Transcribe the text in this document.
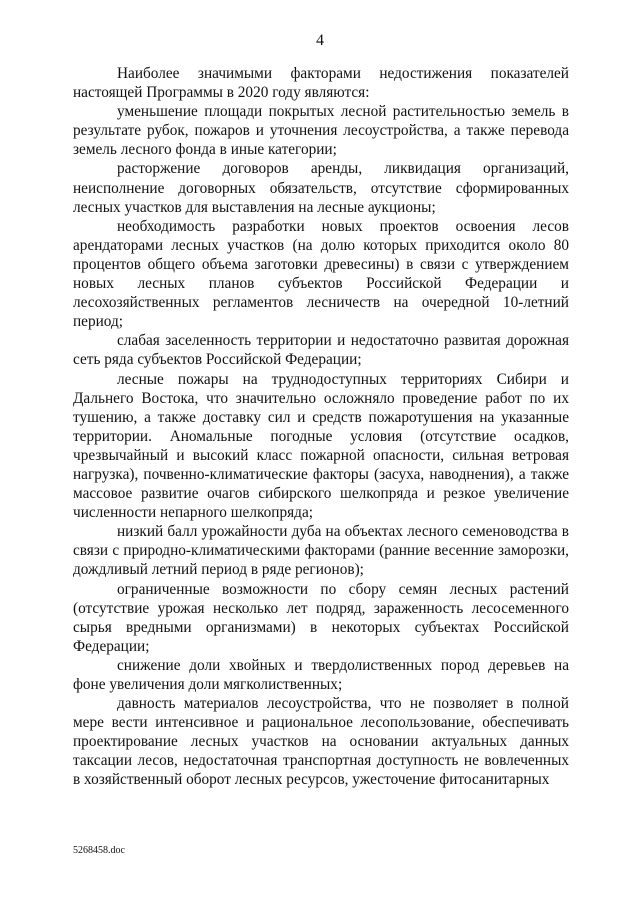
4

Наиболее значимыми факторами недостижения показателей настоящей Программы в 2020 году являются:

уменьшение площади покрытых лесной растительностью земель в результате рубок, пожаров и уточнения лесоустройства, а также перевода земель лесного фонда в иные категории;

расторжение договоров аренды, ликвидация организаций, неисполнение договорных обязательств, отсутствие сформированных лесных участков для выставления на лесные аукционы;

необходимость разработки новых проектов освоения лесов арендаторами лесных участков (на долю которых приходится около 80 процентов общего объема заготовки древесины) в связи с утверждением новых лесных планов субъектов Российской Федерации и лесохозяйственных регламентов лесничеств на очередной 10-летний период;

слабая заселенность территории и недостаточно развитая дорожная сеть ряда субъектов Российской Федерации;

лесные пожары на труднодоступных территориях Сибири и Дальнего Востока, что значительно осложняло проведение работ по их тушению, а также доставку сил и средств пожаротушения на указанные территории. Аномальные погодные условия (отсутствие осадков, чрезвычайный и высокий класс пожарной опасности, сильная ветровая нагрузка), почвенно-климатические факторы (засуха, наводнения), а также массовое развитие очагов сибирского шелкопряда и резкое увеличение численности непарного шелкопряда;

низкий балл урожайности дуба на объектах лесного семеноводства в связи с природно-климатическими факторами (ранние весенние заморозки, дождливый летний период в ряде регионов);

ограниченные возможности по сбору семян лесных растений (отсутствие урожая несколько лет подряд, зараженность лесосеменного сырья вредными организмами) в некоторых субъектах Российской Федерации;

снижение доли хвойных и твердолиственных пород деревьев на фоне увеличения доли мягколиственных;

давность материалов лесоустройства, что не позволяет в полной мере вести интенсивное и рациональное лесопользование, обеспечивать проектирование лесных участков на основании актуальных данных таксации лесов, недостаточная транспортная доступность не вовлеченных в хозяйственный оборот лесных ресурсов, ужесточение фитосанитарных

5268458.doc
